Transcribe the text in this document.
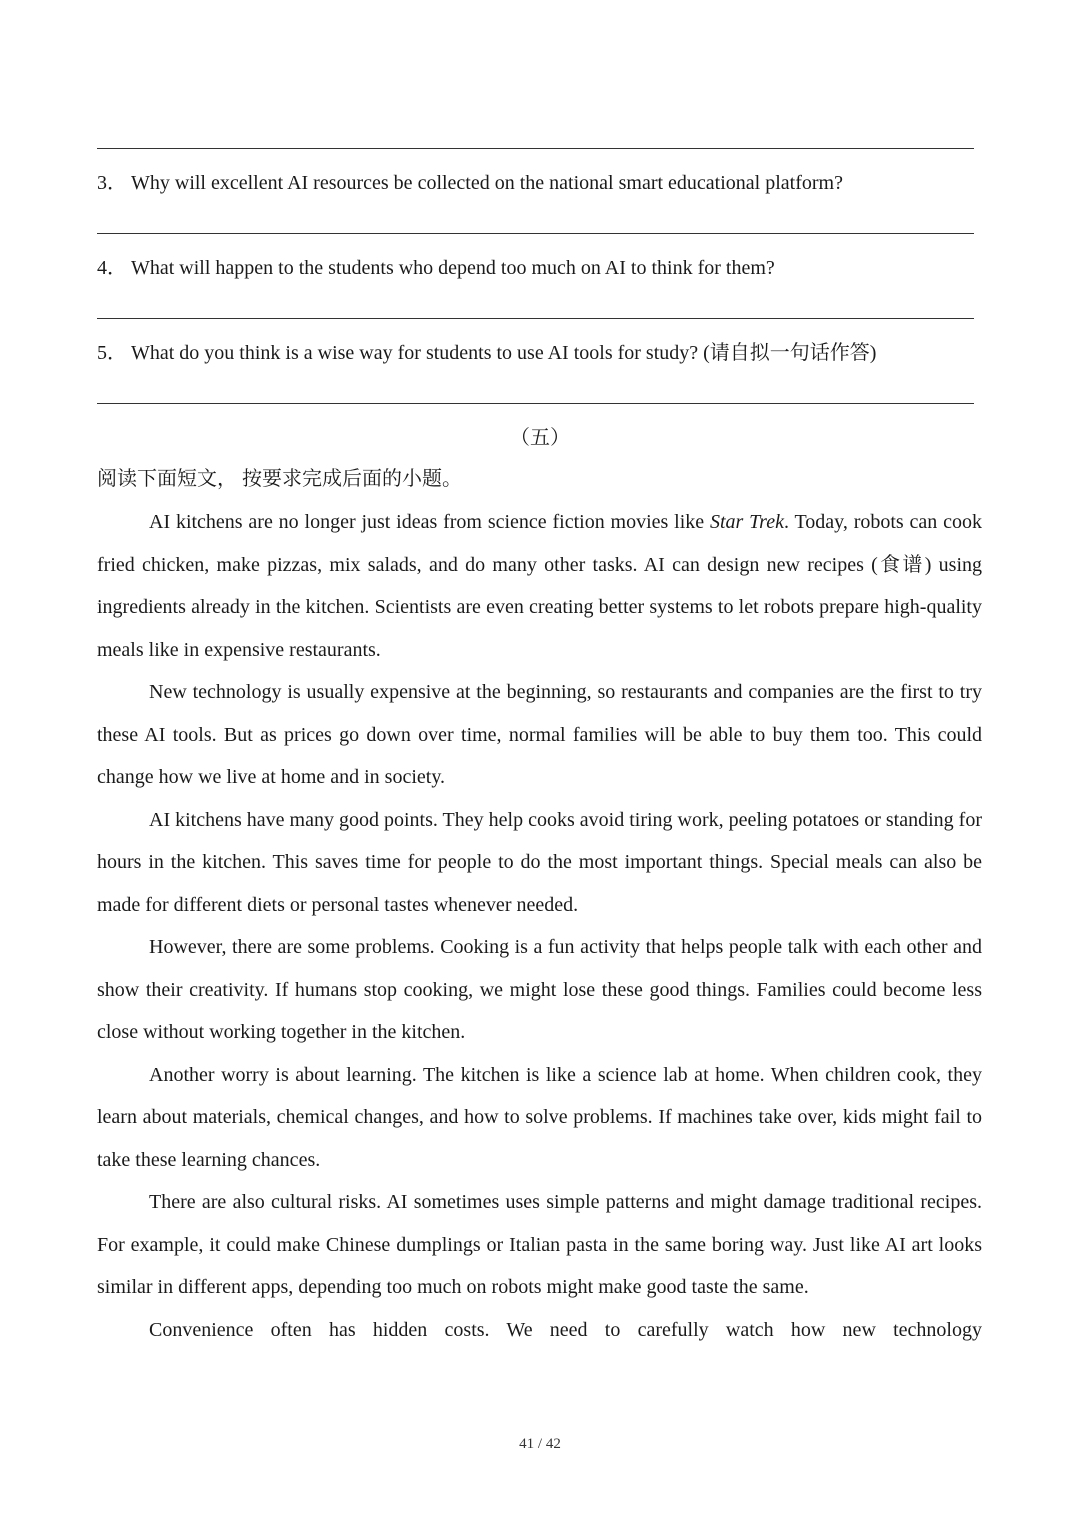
3． Why will excellent AI resources be collected on the national smart educational platform?
4． What will happen to the students who depend too much on AI to think for them?
5． What do you think is a wise way for students to use AI tools for study? (请自拟一句话作答)
（五）
阅读下面短文， 按要求完成后面的小题。

AI kitchens are no longer just ideas from science fiction movies like Star Trek. Today, robots can cook fried chicken, make pizzas, mix salads, and do many other tasks. AI can design new recipes (食谱) using ingredients already in the kitchen. Scientists are even creating better systems to let robots prepare high-quality meals like in expensive restaurants.

New technology is usually expensive at the beginning, so restaurants and companies are the first to try these AI tools. But as prices go down over time, normal families will be able to buy them too. This could change how we live at home and in society.

AI kitchens have many good points. They help cooks avoid tiring work, peeling potatoes or standing for hours in the kitchen. This saves time for people to do the most important things. Special meals can also be made for different diets or personal tastes whenever needed.

However, there are some problems. Cooking is a fun activity that helps people talk with each other and show their creativity. If humans stop cooking, we might lose these good things. Families could become less close without working together in the kitchen.

Another worry is about learning. The kitchen is like a science lab at home. When children cook, they learn about materials, chemical changes, and how to solve problems. If machines take over, kids might fail to take these learning chances.

There are also cultural risks. AI sometimes uses simple patterns and might damage traditional recipes. For example, it could make Chinese dumplings or Italian pasta in the same boring way. Just like AI art looks similar in different apps, depending too much on robots might make good taste the same.

Convenience often has hidden costs. We need to carefully watch how new technology

41 / 42
